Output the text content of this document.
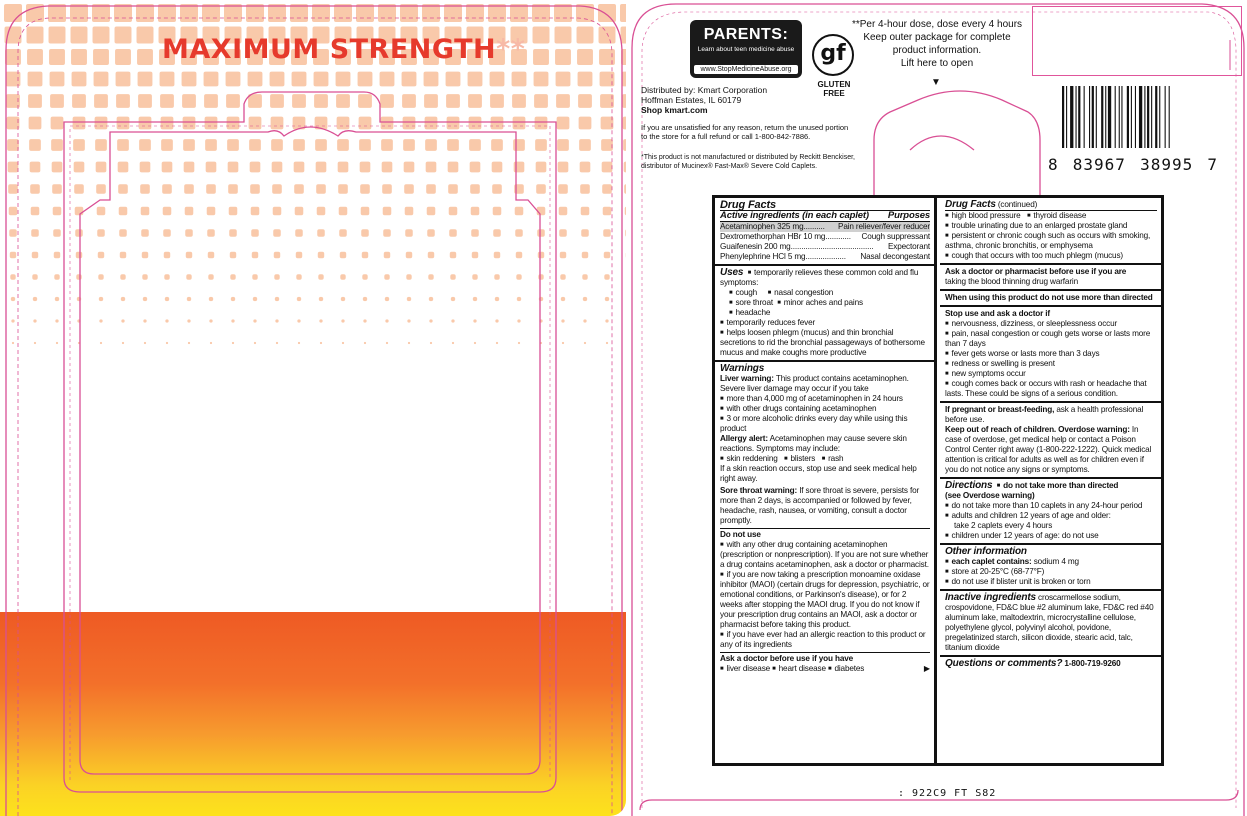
MAXIMUM STRENGTH**	PARENTS:
Learn about teen medicine abuse
www.StopMedicineAbuse.org
gf
GLUTEN
FREE
**Per 4-hour dose, dose every 4 hours
Keep outer package for complete
product information.
Lift here to open
▼
Distributed by: Kmart Corporation
Hoffman Estates, IL 60179
Shop kmart.com
If you are unsatisfied for any reason, return the unused portion to the store for a full refund or call 1-800-842-7886.
*This product is not manufactured or distributed by Reckitt Benckiser, distributor of Mucinex® Fast-Max® Severe Cold Caplets.	8 83967 38995 7
Drug Facts
Active ingredients (in each caplet) Purposes
Acetaminophen 325 mg.......... Pain reliever/fever reducer
Dextromethorphan HBr 10 mg............ Cough suppressant
Guaifenesin 200 mg....................................... Expectorant
Phenylephrine HCl 5 mg................... Nasal decongestant
Uses ■ temporarily relieves these common cold and flu symptoms:
■ cough ■ nasal congestion
■ sore throat ■ minor aches and pains
■ headache
■ temporarily reduces fever
■ helps loosen phlegm (mucus) and thin bronchial secretions to rid the bronchial passageways of bothersome mucus and make coughs more productive
Warnings
Liver warning: This product contains acetaminophen. Severe liver damage may occur if you take
■ more than 4,000 mg of acetaminophen in 24 hours
■ with other drugs containing acetaminophen
■ 3 or more alcoholic drinks every day while using this product
Allergy alert: Acetaminophen may cause severe skin reactions. Symptoms may include:
■ skin reddening ■ blisters ■ rash
If a skin reaction occurs, stop use and seek medical help right away.
Sore throat warning: If sore throat is severe, persists for more than 2 days, is accompanied or followed by fever, headache, rash, nausea, or vomiting, consult a doctor promptly.
Do not use
■ with any other drug containing acetaminophen (prescription or nonprescription). If you are not sure whether a drug contains acetaminophen, ask a doctor or pharmacist.
■ if you are now taking a prescription monoamine oxidase inhibitor (MAOI) (certain drugs for depression, psychiatric, or emotional conditions, or Parkinson's disease), or for 2 weeks after stopping the MAOI drug. If you do not know if your prescription drug contains an MAOI, ask a doctor or pharmacist before taking this product.
■ if you have ever had an allergic reaction to this product or any of its ingredients
Ask a doctor before use if you have
■ liver disease ■ heart disease ■ diabetes	▶
Drug Facts (continued)
■ high blood pressure ■ thyroid disease
■ trouble urinating due to an enlarged prostate gland
■ persistent or chronic cough such as occurs with smoking, asthma, chronic bronchitis, or emphysema
■ cough that occurs with too much phlegm (mucus)
Ask a doctor or pharmacist before use if you are
taking the blood thinning drug warfarin
When using this product do not use more than directed
Stop use and ask a doctor if
■ nervousness, dizziness, or sleeplessness occur
■ pain, nasal congestion or cough gets worse or lasts more than 7 days
■ fever gets worse or lasts more than 3 days
■ redness or swelling is present
■ new symptoms occur
■ cough comes back or occurs with rash or headache that lasts. These could be signs of a serious condition.
If pregnant or breast-feeding, ask a health professional before use.
Keep out of reach of children. Overdose warning: In case of overdose, get medical help or contact a Poison Control Center right away (1-800-222-1222). Quick medical attention is critical for adults as well as for children even if you do not notice any signs or symptoms.
Directions ■ do not take more than directed
(see Overdose warning)
■ do not take more than 10 caplets in any 24-hour period
■ adults and children 12 years of age and older:
take 2 caplets every 4 hours
■ children under 12 years of age: do not use
Other information
■ each caplet contains: sodium 4 mg
■ store at 20-25°C (68-77°F)
■ do not use if blister unit is broken or torn
Inactive ingredients croscarmellose sodium, crospovidone, FD&C blue #2 aluminum lake, FD&C red #40 aluminum lake, maltodextrin, microcrystalline cellulose, polyethylene glycol, polyvinyl alcohol, povidone, pregelatinized starch, silicon dioxide, stearic acid, talc, titanium dioxide
Questions or comments? 1-800-719-9260
: 922C9 FT S82
